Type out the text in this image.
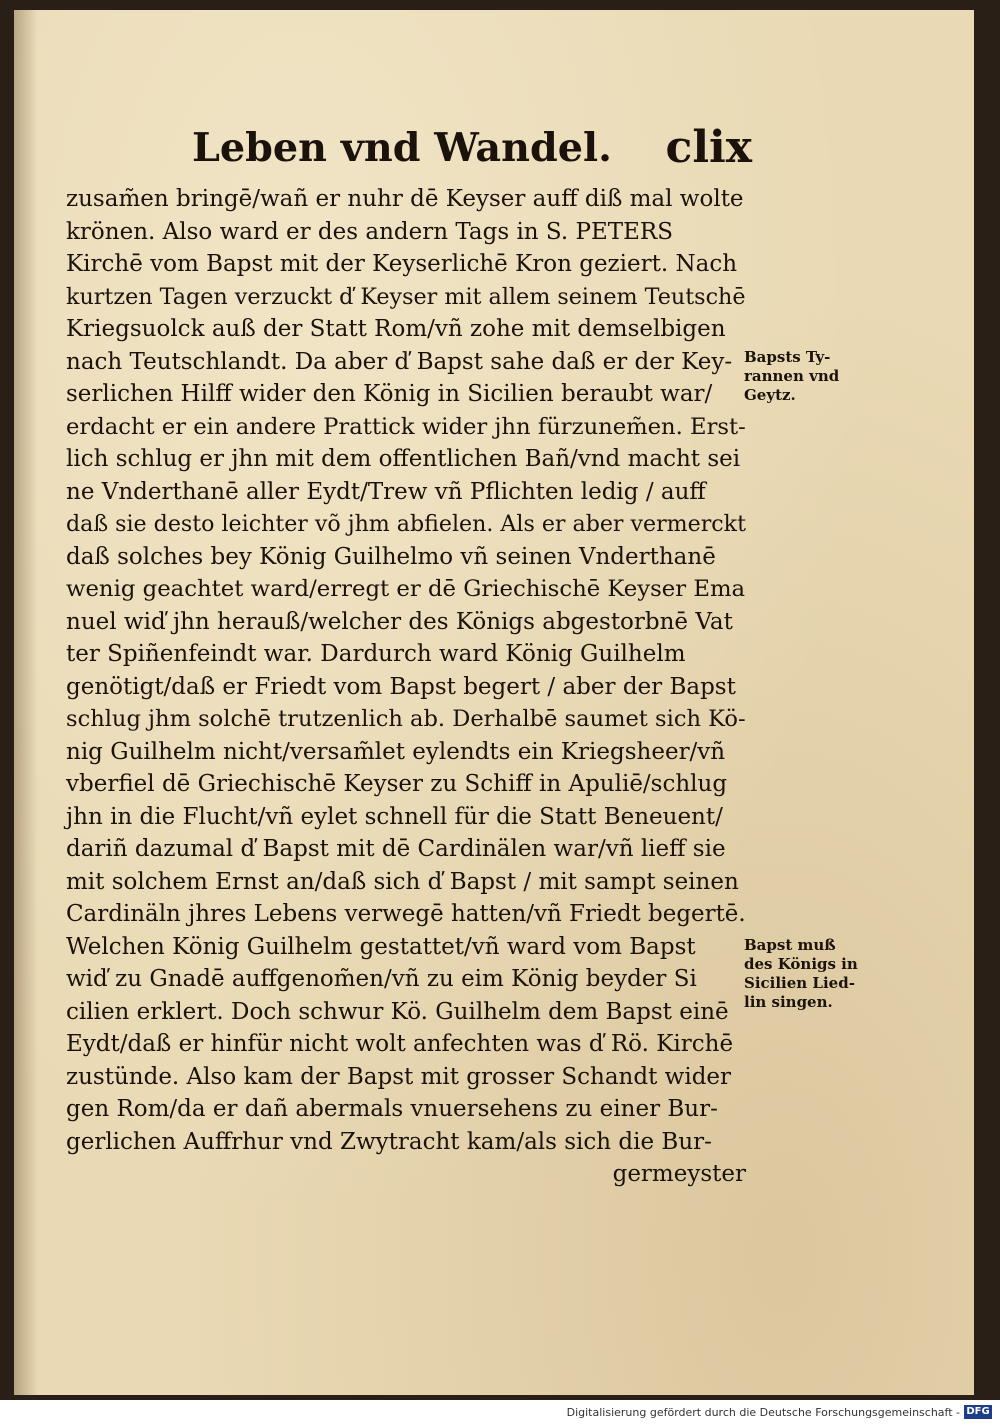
Leben vnd Wandel. clix
zusam̃en bringē/wañ er nuhr dē Keyser auff diß mal wolte
krönen. Also ward er des andern Tags in S. PETERS
Kirchē vom Bapst mit der Keyserlichē Kron geziert. Nach
kurtzen Tagen verzuckt ď Keyser mit allem seinem Teutschē
Kriegsuolck auß der Statt Rom/vñ zohe mit demselbigen
nach Teutschlandt. Da aber ď Bapst sahe daß er der Key-
serlichen Hilff wider den König in Sicilien beraubt war/
erdacht er ein andere Prattick wider jhn fürzunem̃en. Erst-
lich schlug er jhn mit dem offentlichen Bañ/vnd macht sei
ne Vnderthanē aller Eydt/Trew vñ Pflichten ledig / auff
daß sie desto leichter võ jhm abfielen. Als er aber vermerckt
daß solches bey König Guilhelmo vñ seinen Vnderthanē
wenig geachtet ward/erregt er dē Griechischē Keyser Ema
nuel wiď jhn herauß/welcher des Königs abgestorbnē Vat
ter Spiñenfeindt war. Dardurch ward König Guilhelm
genötigt/daß er Friedt vom Bapst begert / aber der Bapst
schlug jhm solchē trutzenlich ab. Derhalbē saumet sich Kö-
nig Guilhelm nicht/versam̃let eylendts ein Kriegsheer/vñ
vberfiel dē Griechischē Keyser zu Schiff in Apuliē/schlug
jhn in die Flucht/vñ eylet schnell für die Statt Beneuent/
dariñ dazumal ď Bapst mit dē Cardinälen war/vñ lieff sie
mit solchem Ernst an/daß sich ď Bapst / mit sampt seinen
Cardinäln jhres Lebens verwegē hatten/vñ Friedt begertē.
Welchen König Guilhelm gestattet/vñ ward vom Bapst
wiď zu Gnadē auffgenom̃en/vñ zu eim König beyder Si
cilien erklert. Doch schwur Kö. Guilhelm dem Bapst einē
Eydt/daß er hinfür nicht wolt anfechten was ď Rö. Kirchē
zustünde. Also kam der Bapst mit grosser Schandt wider
gen Rom/da er dañ abermals vnuersehens zu einer Bur-
gerlichen Auffrhur vnd Zwytracht kam/als sich die Bur-
germeyster
Bapsts Ty-
rannen vnd
Geytz.
Bapst muß
des Königs in
Sicilien Lied-
lin singen.
Digitalisierung gefördert durch die Deutsche Forschungsgemeinschaft - DFG
